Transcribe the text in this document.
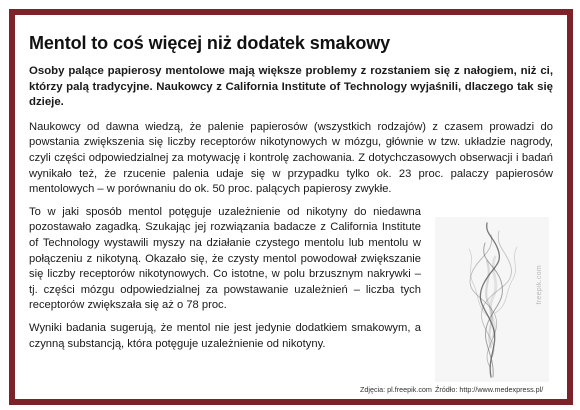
Mentol to coś więcej niż dodatek smakowy

Osoby palące papierosy mentolowe mają większe problemy z rozstaniem się z nałogiem, niż ci, którzy palą tradycyjne. Naukowcy z California Institute of Technology wyjaśnili, dlaczego tak się dzieje.

Naukowcy od dawna wiedzą, że palenie papierosów (wszystkich rodzajów) z czasem prowadzi do powstania zwiększenia się liczby receptorów nikotynowych w mózgu, głównie w tzw. układzie nagrody, czyli części odpowiedzialnej za motywację i kontrolę zachowania. Z dotychczasowych obserwacji i badań wynikało też, że rzucenie palenia udaje się w przypadku tylko ok. 23 proc. palaczy papierosów mentolowych – w porównaniu do ok. 50 proc. palących papierosy zwykłe.

freepik.com

To w jaki sposób mentol potęguje uzależnienie od nikotyny do niedawna pozostawało zagadką. Szukając jej rozwiązania badacze z California Institute of Technology wystawili myszy na działanie czystego mentolu lub mentolu w połączeniu z nikotyną. Okazało się, że czysty mentol powodował zwiększanie się liczby receptorów nikotynowych. Co istotne, w polu brzusznym nakrywki – tj. części mózgu odpowiedzialnej za powstawanie uzależnień – liczba tych receptorów zwiększała się aż o 78 proc.

Wyniki badania sugerują, że mentol nie jest jedynie dodatkiem smakowym, a czynną substancją, która potęguje uzależnienie od nikotyny.

Zdjęcia: pl.freepik.com Źródło: http://www.medexpress.pl/
